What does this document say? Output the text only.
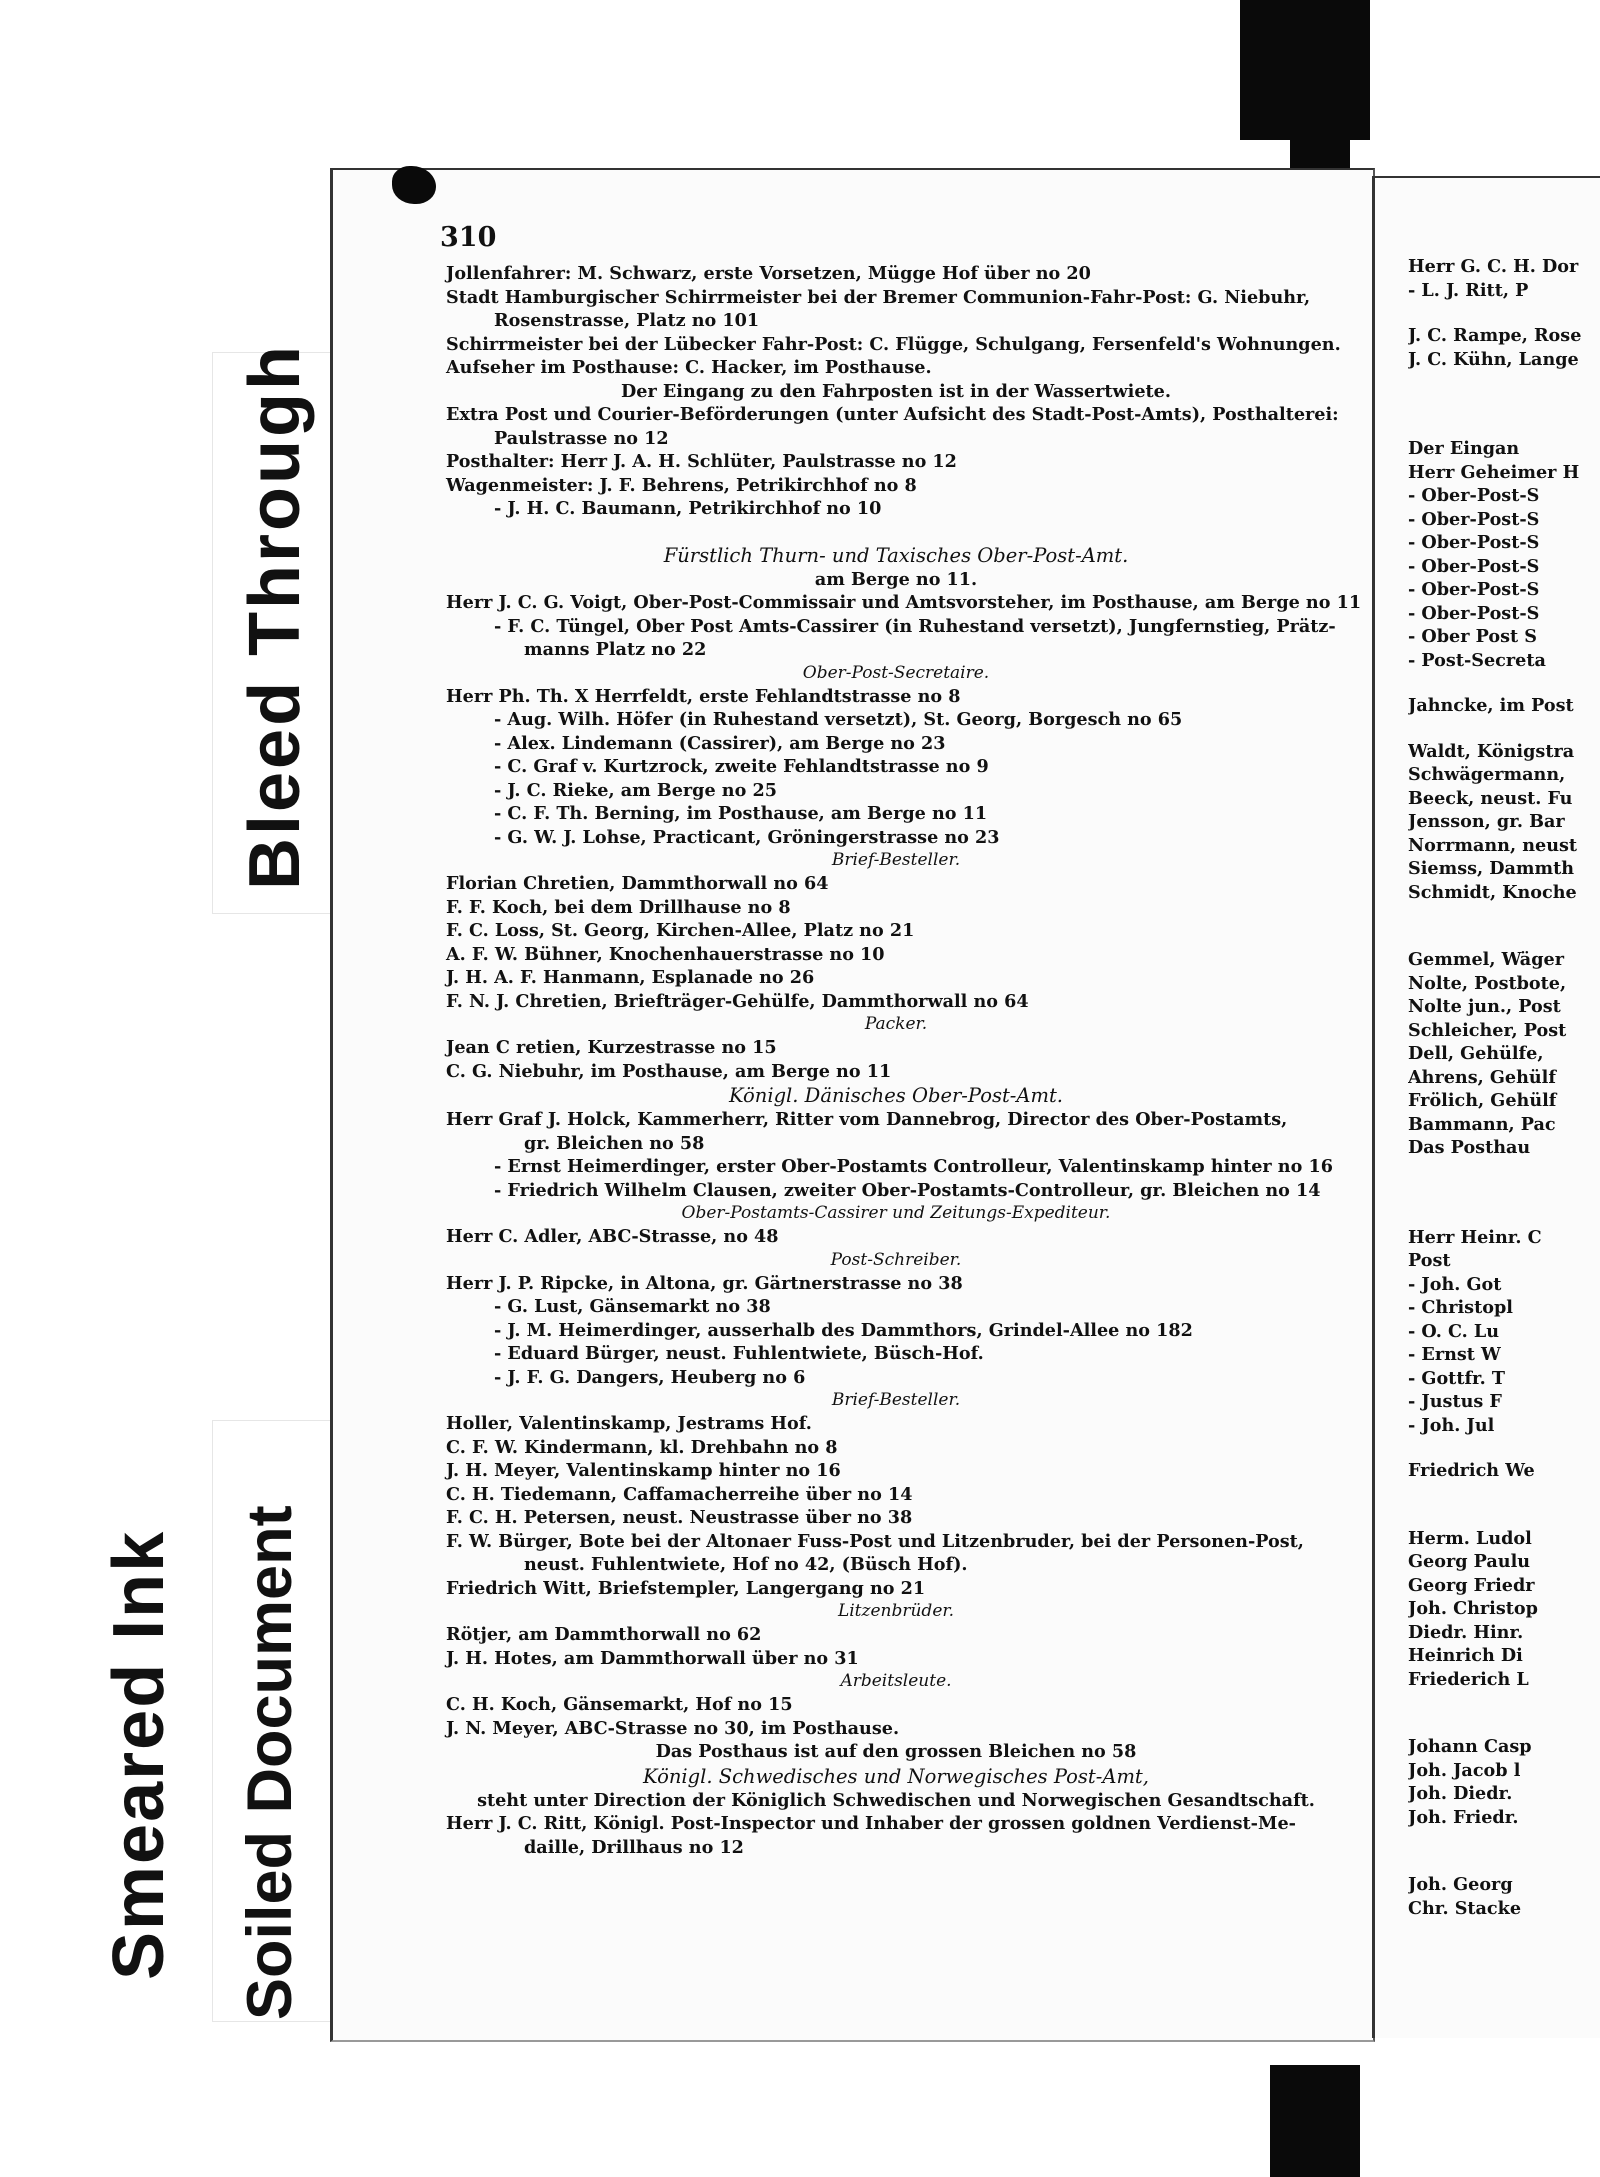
Bleed Through
Smeared Ink Soiled Document
310
Jollenfahrer: M. Schwarz, erste Vorsetzen, Mügge Hof über no 20
Stadt Hamburgischer Schirrmeister bei der Bremer Communion-Fahr-Post: G. Niebuhr,
Rosenstrasse, Platz no 101
Schirrmeister bei der Lübecker Fahr-Post: C. Flügge, Schulgang, Fersenfeld's Wohnungen.
Aufseher im Posthause: C. Hacker, im Posthause.
Der Eingang zu den Fahrposten ist in der Wassertwiete.
Extra Post und Courier-Beförderungen (unter Aufsicht des Stadt-Post-Amts), Posthalterei:
Paulstrasse no 12
Posthalter: Herr J. A. H. Schlüter, Paulstrasse no 12
Wagenmeister: J. F. Behrens, Petrikirchhof no 8
- J. H. C. Baumann, Petrikirchhof no 10
Fürstlich Thurn- und Taxisches Ober-Post-Amt.
am Berge no 11.
Herr J. C. G. Voigt, Ober-Post-Commissair und Amtsvorsteher, im Posthause, am Berge no 11
- F. C. Tüngel, Ober Post Amts-Cassirer (in Ruhestand versetzt), Jungfernstieg, Prätz-
manns Platz no 22
Ober-Post-Secretaire.
Herr Ph. Th. X Herrfeldt, erste Fehlandtstrasse no 8
- Aug. Wilh. Höfer (in Ruhestand versetzt), St. Georg, Borgesch no 65
- Alex. Lindemann (Cassirer), am Berge no 23
- C. Graf v. Kurtzrock, zweite Fehlandtstrasse no 9
- J. C. Rieke, am Berge no 25
- C. F. Th. Berning, im Posthause, am Berge no 11
- G. W. J. Lohse, Practicant, Gröningerstrasse no 23
Brief-Besteller.
Florian Chretien, Dammthorwall no 64
F. F. Koch, bei dem Drillhause no 8
F. C. Loss, St. Georg, Kirchen-Allee, Platz no 21
A. F. W. Bühner, Knochenhauerstrasse no 10
J. H. A. F. Hanmann, Esplanade no 26
F. N. J. Chretien, Briefträger-Gehülfe, Dammthorwall no 64
Packer.
Jean C retien, Kurzestrasse no 15
C. G. Niebuhr, im Posthause, am Berge no 11
Königl. Dänisches Ober-Post-Amt.
Herr Graf J. Holck, Kammerherr, Ritter vom Dannebrog, Director des Ober-Postamts,
gr. Bleichen no 58
- Ernst Heimerdinger, erster Ober-Postamts Controlleur, Valentinskamp hinter no 16
- Friedrich Wilhelm Clausen, zweiter Ober-Postamts-Controlleur, gr. Bleichen no 14
Ober-Postamts-Cassirer und Zeitungs-Expediteur.
Herr C. Adler, ABC-Strasse, no 48
Post-Schreiber.
Herr J. P. Ripcke, in Altona, gr. Gärtnerstrasse no 38
- G. Lust, Gänsemarkt no 38
- J. M. Heimerdinger, ausserhalb des Dammthors, Grindel-Allee no 182
- Eduard Bürger, neust. Fuhlentwiete, Büsch-Hof.
- J. F. G. Dangers, Heuberg no 6
Brief-Besteller.
Holler, Valentinskamp, Jestrams Hof.
C. F. W. Kindermann, kl. Drehbahn no 8
J. H. Meyer, Valentinskamp hinter no 16
C. H. Tiedemann, Caffamacherreihe über no 14
F. C. H. Petersen, neust. Neustrasse über no 38
F. W. Bürger, Bote bei der Altonaer Fuss-Post und Litzenbruder, bei der Personen-Post,
neust. Fuhlentwiete, Hof no 42, (Büsch Hof).
Friedrich Witt, Briefstempler, Langergang no 21
Litzenbrüder.
Rötjer, am Dammthorwall no 62
J. H. Hotes, am Dammthorwall über no 31
Arbeitsleute.
C. H. Koch, Gänsemarkt, Hof no 15
J. N. Meyer, ABC-Strasse no 30, im Posthause.
Das Posthaus ist auf den grossen Bleichen no 58
Königl. Schwedisches und Norwegisches Post-Amt,
steht unter Direction der Königlich Schwedischen und Norwegischen Gesandtschaft.
Herr J. C. Ritt, Königl. Post-Inspector und Inhaber der grossen goldnen Verdienst-Me-
daille, Drillhaus no 12
Herr G. C. H. Dor
- L. J. Ritt, P
J. C. Rampe, Rose
J. C. Kühn, Lange
Der Eingan
Herr Geheimer H
- Ober-Post-S
- Ober-Post-S
- Ober-Post-S
- Ober-Post-S
- Ober-Post-S
- Ober-Post-S
- Ober Post S
- Post-Secreta
Jahncke, im Post
Waldt, Königstra
Schwägermann,
Beeck, neust. Fu
Jensson, gr. Bar
Norrmann, neust
Siemss, Dammth
Schmidt, Knoche
Gemmel, Wäger
Nolte, Postbote,
Nolte jun., Post
Schleicher, Post
Dell, Gehülfe,
Ahrens, Gehülf
Frölich, Gehülf
Bammann, Pac
Das Posthau
Herr Heinr. C
Post
- Joh. Got
- Christopl
- O. C. Lu
- Ernst W
- Gottfr. T
- Justus F
- Joh. Jul
Friedrich We
Herm. Ludol
Georg Paulu
Georg Friedr
Joh. Christop
Diedr. Hinr.
Heinrich Di
Friederich L
Johann Casp
Joh. Jacob l
Joh. Diedr.
Joh. Friedr.
Joh. Georg
Chr. Stacke
